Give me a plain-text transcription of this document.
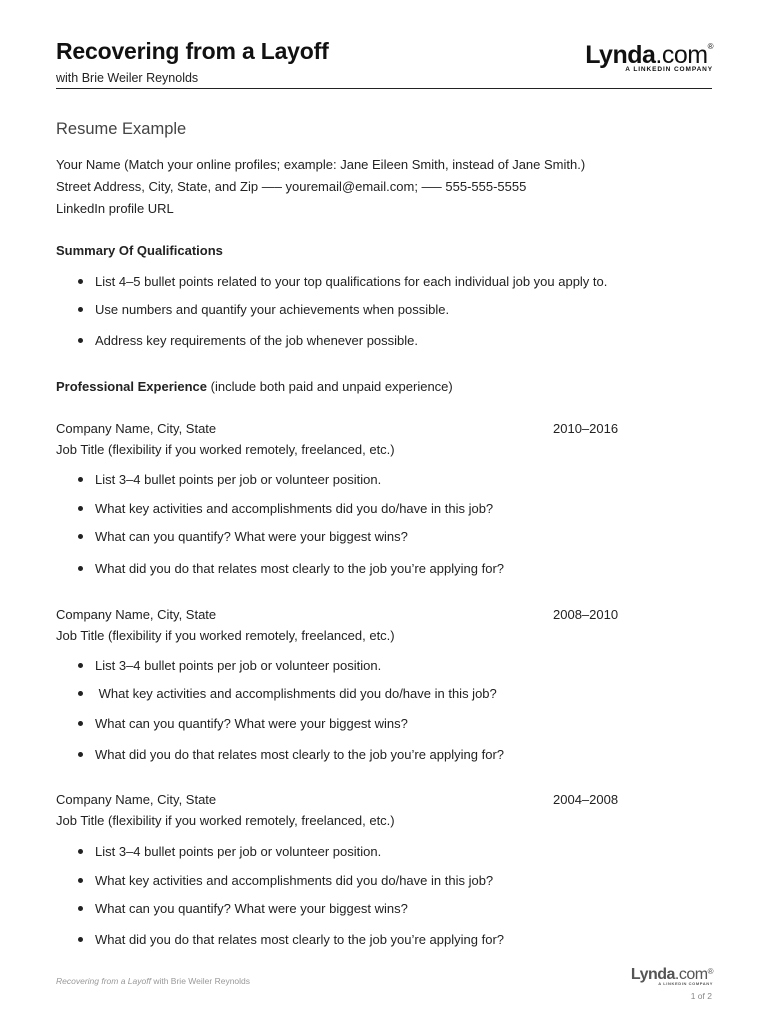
Recovering from a Layoff
with Brie Weiler Reynolds
Lynda.com®
A LINKEDIN COMPANY
Resume Example
Your Name (Match your online profiles; example: Jane Eileen Smith, instead of Jane Smith.)
Street Address, City, State, and Zip —– youremail@email.com; —– 555-555-5555
LinkedIn profile URL
Summary Of Qualifications
List 4–5 bullet points related to your top qualifications for each individual job you apply to.
Use numbers and quantify your achievements when possible.
Address key requirements of the job whenever possible.
Professional Experience (include both paid and unpaid experience)
Company Name, City, State	2010–2016
Job Title (flexibility if you worked remotely, freelanced, etc.)
List 3–4 bullet points per job or volunteer position.
What key activities and accomplishments did you do/have in this job?
What can you quantify? What were your biggest wins?
What did you do that relates most clearly to the job you’re applying for?
Company Name, City, State	2008–2010
Job Title (flexibility if you worked remotely, freelanced, etc.)
List 3–4 bullet points per job or volunteer position.
What key activities and accomplishments did you do/have in this job?
What can you quantify? What were your biggest wins?
What did you do that relates most clearly to the job you’re applying for?
Company Name, City, State	2004–2008
Job Title (flexibility if you worked remotely, freelanced, etc.)
List 3–4 bullet points per job or volunteer position.
What key activities and accomplishments did you do/have in this job?
What can you quantify? What were your biggest wins?
What did you do that relates most clearly to the job you’re applying for?
Recovering from a Layoff with Brie Weiler Reynolds	Lynda.com®
A LINKEDIN COMPANY
1 of 2
